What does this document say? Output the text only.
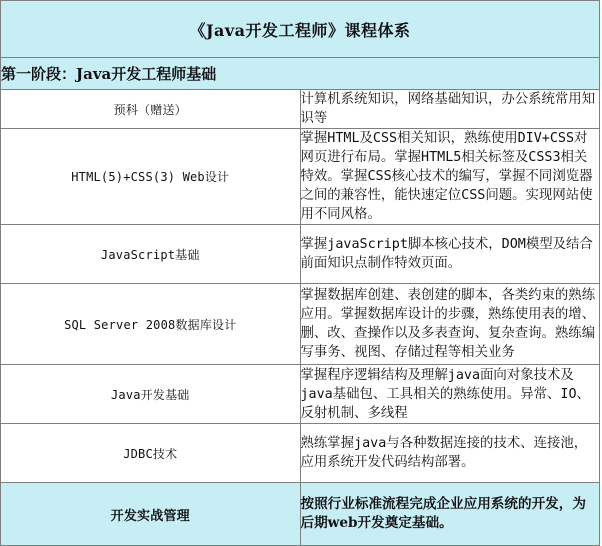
《Java开发工程师》课程体系	
第一阶段：Java开发工程师基础	
预科（赠送）	计算机系统知识，网络基础知识，办公系统常用知识等
HTML(5)+CSS(3) Web设计	掌握HTML及CSS相关知识，熟练使用DIV+CSS对网页进行布局。掌握HTML5相关标签及CSS3相关特效。掌握CSS核心技术的编写，掌握不同浏览器之间的兼容性，能快速定位CSS问题。实现网站使用不同风格。
JavaScript基础	掌握javaScript脚本核心技术，DOM模型及结合前面知识点制作特效页面。
SQL Server 2008数据库设计	掌握数据库创建、表创建的脚本，各类约束的熟练应用。掌握数据库设计的步骤，熟练使用表的增、删、改、查操作以及多表查询、复杂查询。熟练编写事务、视图、存储过程等相关业务
Java开发基础	掌握程序逻辑结构及理解java面向对象技术及java基础包、工具相关的熟练使用。异常、IO、反射机制、多线程
JDBC技术	熟练掌握java与各种数据连接的技术、连接池，应用系统开发代码结构部署。
开发实战管理	按照行业标准流程完成企业应用系统的开发，为后期web开发奠定基础。
